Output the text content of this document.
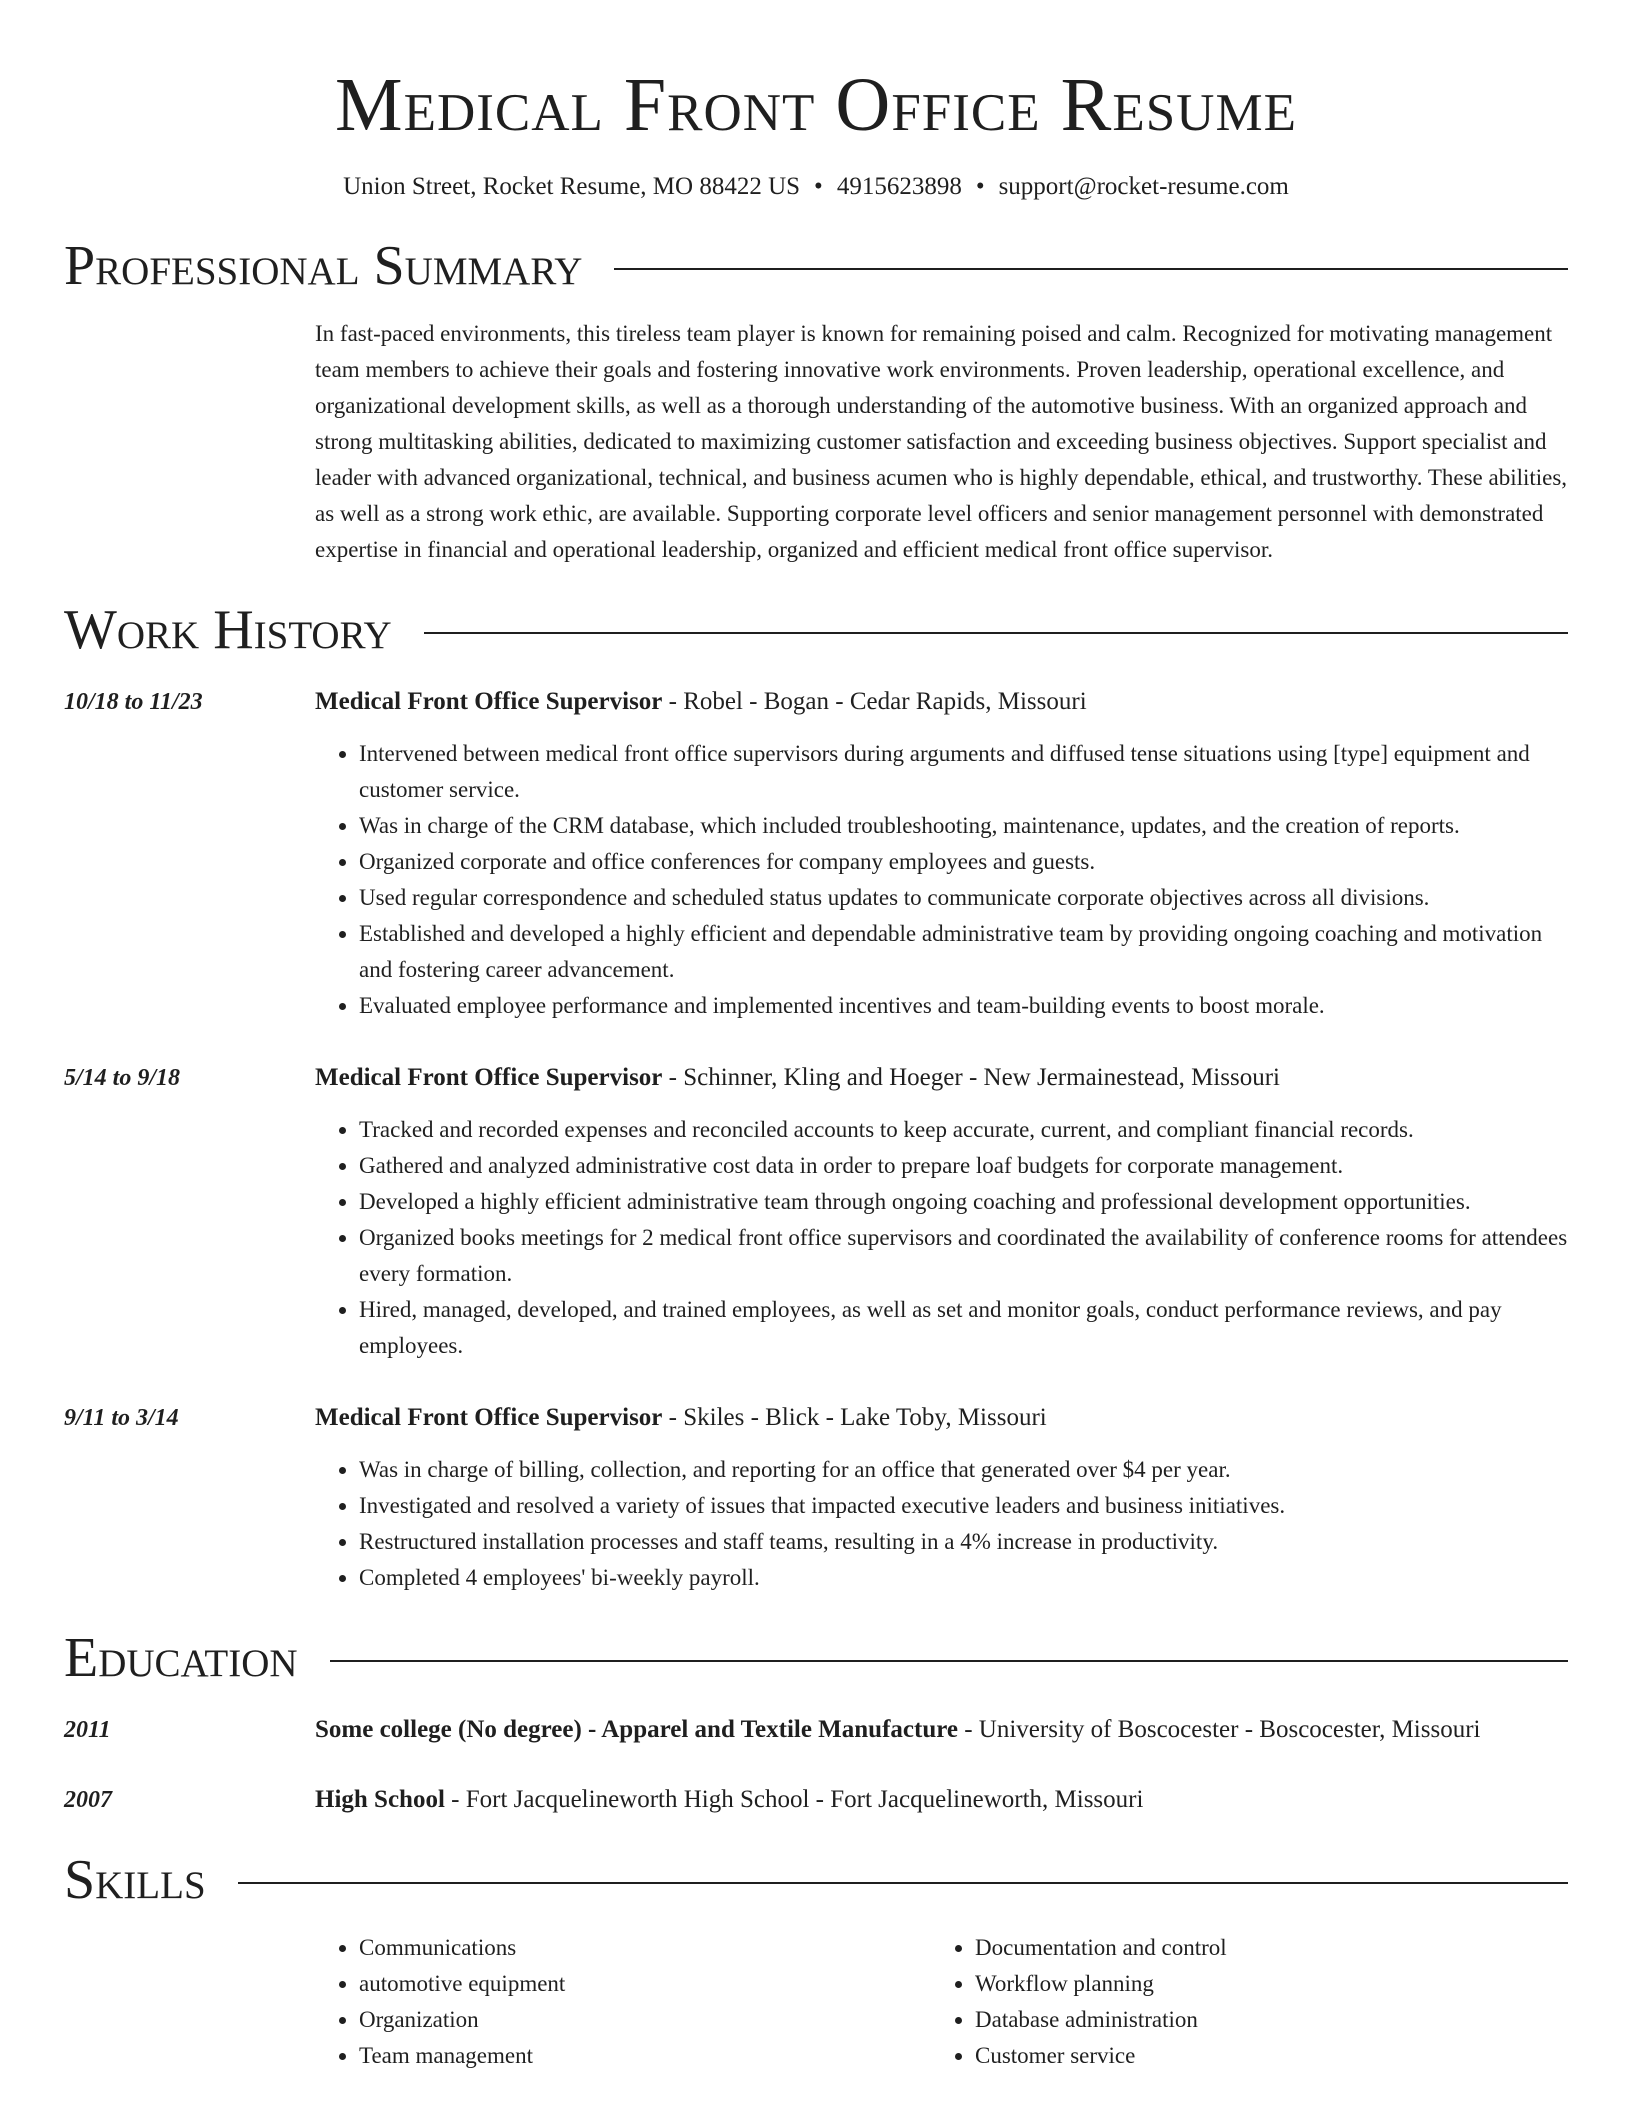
Medical Front Office Resume
Union Street, Rocket Resume, MO 88422 US • 4915623898 • support@rocket-resume.com
Professional Summary
In fast-paced environments, this tireless team player is known for remaining poised and calm. Recognized for motivating management team members to achieve their goals and fostering innovative work environments. Proven leadership, operational excellence, and organizational development skills, as well as a thorough understanding of the automotive business. With an organized approach and strong multitasking abilities, dedicated to maximizing customer satisfaction and exceeding business objectives. Support specialist and leader with advanced organizational, technical, and business acumen who is highly dependable, ethical, and trustworthy. These abilities, as well as a strong work ethic, are available. Supporting corporate level officers and senior management personnel with demonstrated expertise in financial and operational leadership, organized and efficient medical front office supervisor.
Work History
10/18 to 11/23	Medical Front Office Supervisor - Robel - Bogan - Cedar Rapids, Missouri
• Intervened between medical front office supervisors during arguments and diffused tense situations using [type] equipment and customer service.
• Was in charge of the CRM database, which included troubleshooting, maintenance, updates, and the creation of reports.
• Organized corporate and office conferences for company employees and guests.
• Used regular correspondence and scheduled status updates to communicate corporate objectives across all divisions.
• Established and developed a highly efficient and dependable administrative team by providing ongoing coaching and motivation and fostering career advancement.
• Evaluated employee performance and implemented incentives and team-building events to boost morale.
5/14 to 9/18	Medical Front Office Supervisor - Schinner, Kling and Hoeger - New Jermainestead, Missouri
• Tracked and recorded expenses and reconciled accounts to keep accurate, current, and compliant financial records.
• Gathered and analyzed administrative cost data in order to prepare loaf budgets for corporate management.
• Developed a highly efficient administrative team through ongoing coaching and professional development opportunities.
• Organized books meetings for 2 medical front office supervisors and coordinated the availability of conference rooms for attendees every formation.
• Hired, managed, developed, and trained employees, as well as set and monitor goals, conduct performance reviews, and pay employees.
9/11 to 3/14	Medical Front Office Supervisor - Skiles - Blick - Lake Toby, Missouri
• Was in charge of billing, collection, and reporting for an office that generated over $4 per year.
• Investigated and resolved a variety of issues that impacted executive leaders and business initiatives.
• Restructured installation processes and staff teams, resulting in a 4% increase in productivity.
• Completed 4 employees' bi-weekly payroll.
Education
2011	Some college (No degree) - Apparel and Textile Manufacture - University of Boscocester - Boscocester, Missouri
2007	High School - Fort Jacquelineworth High School - Fort Jacquelineworth, Missouri
Skills
• Communications
• automotive equipment
• Organization
• Team management
• Documentation and control
• Workflow planning
• Database administration
• Customer service
